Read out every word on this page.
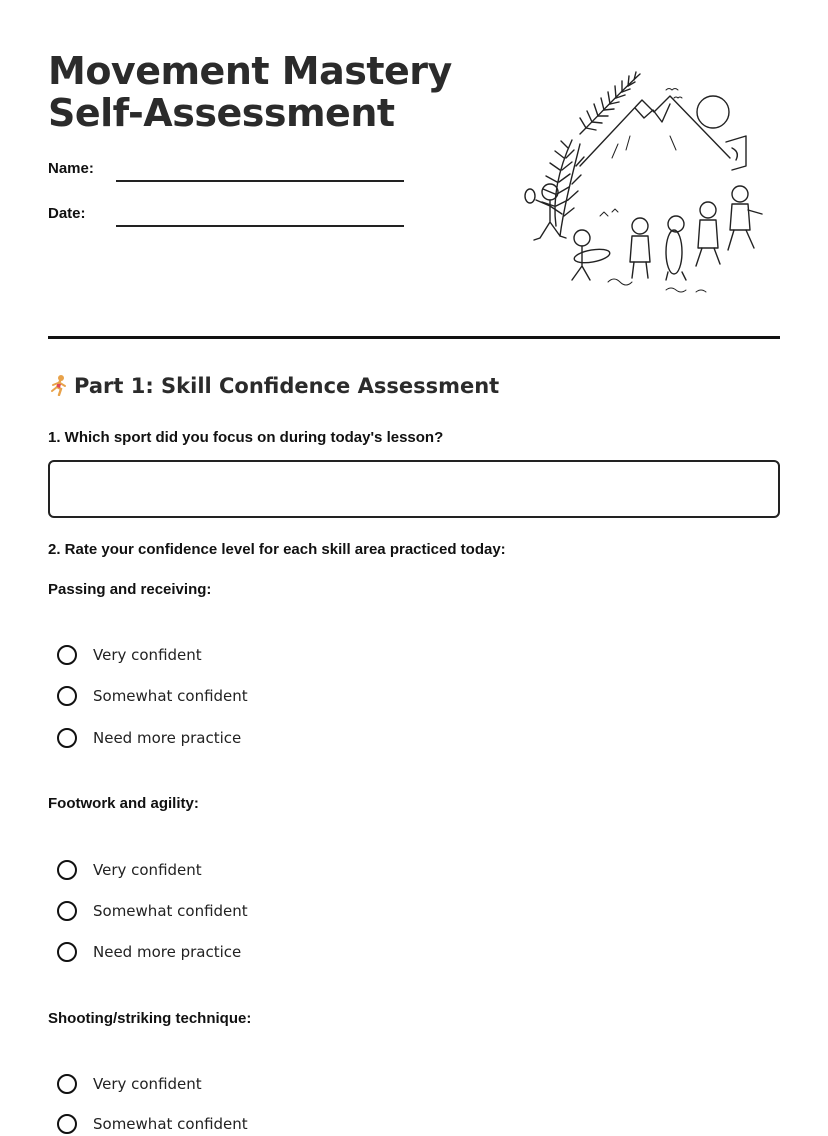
Movement Mastery
Self-Assessment
Name:
Date:
Part 1: Skill Confidence Assessment
1. Which sport did you focus on during today's lesson?
2. Rate your confidence level for each skill area practiced today:
Passing and receiving:
Very confident
Somewhat confident
Need more practice
Footwork and agility:
Very confident
Somewhat confident
Need more practice
Shooting/striking technique:
Very confident
Somewhat confident
